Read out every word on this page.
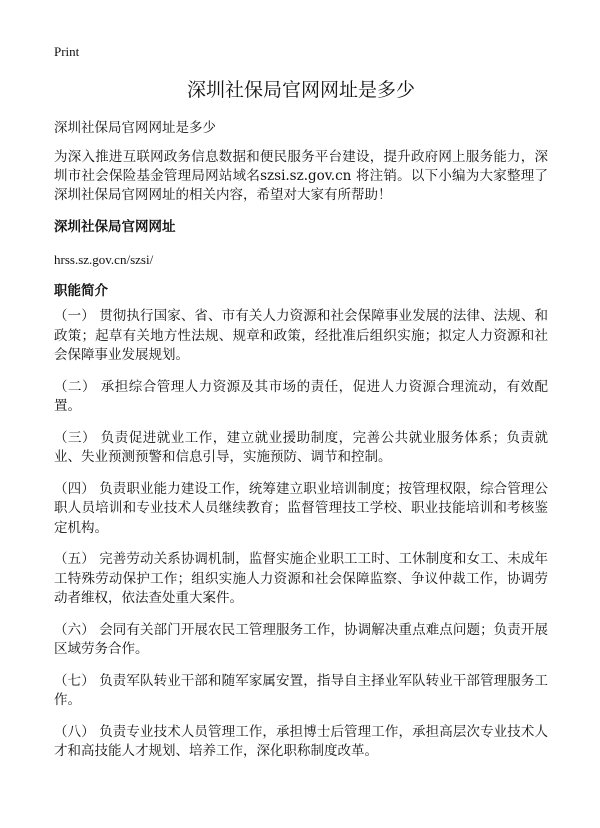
Print
深圳社保局官网网址是多少

深圳社保局官网网址是多少

为深入推进互联网政务信息数据和便民服务平台建设，提升政府网上服务能力，深圳市社会保险基金管理局网站域名szsi.sz.gov.cn 将注销。以下小编为大家整理了深圳社保局官网网址的相关内容，希望对大家有所帮助！

深圳社保局官网网址

hrss.sz.gov.cn/szsi/

职能简介

（一） 贯彻执行国家、省、市有关人力资源和社会保障事业发展的法律、法规、和政策；起草有关地方性法规、规章和政策，经批准后组织实施；拟定人力资源和社会保障事业发展规划。

（二） 承担综合管理人力资源及其市场的责任，促进人力资源合理流动，有效配置。

（三） 负责促进就业工作，建立就业援助制度，完善公共就业服务体系；负责就业、失业预测预警和信息引导，实施预防、调节和控制。

（四） 负责职业能力建设工作，统筹建立职业培训制度；按管理权限，综合管理公职人员培训和专业技术人员继续教育；监督管理技工学校、职业技能培训和考核鉴定机构。

（五） 完善劳动关系协调机制，监督实施企业职工工时、工休制度和女工、未成年工特殊劳动保护工作；组织实施人力资源和社会保障监察、争议仲裁工作，协调劳动者维权，依法查处重大案件。

（六） 会同有关部门开展农民工管理服务工作，协调解决重点难点问题；负责开展区域劳务合作。

（七） 负责军队转业干部和随军家属安置，指导自主择业军队转业干部管理服务工作。

（八） 负责专业技术人员管理工作，承担博士后管理工作，承担高层次专业技术人才和高技能人才规划、培养工作，深化职称制度改革。
